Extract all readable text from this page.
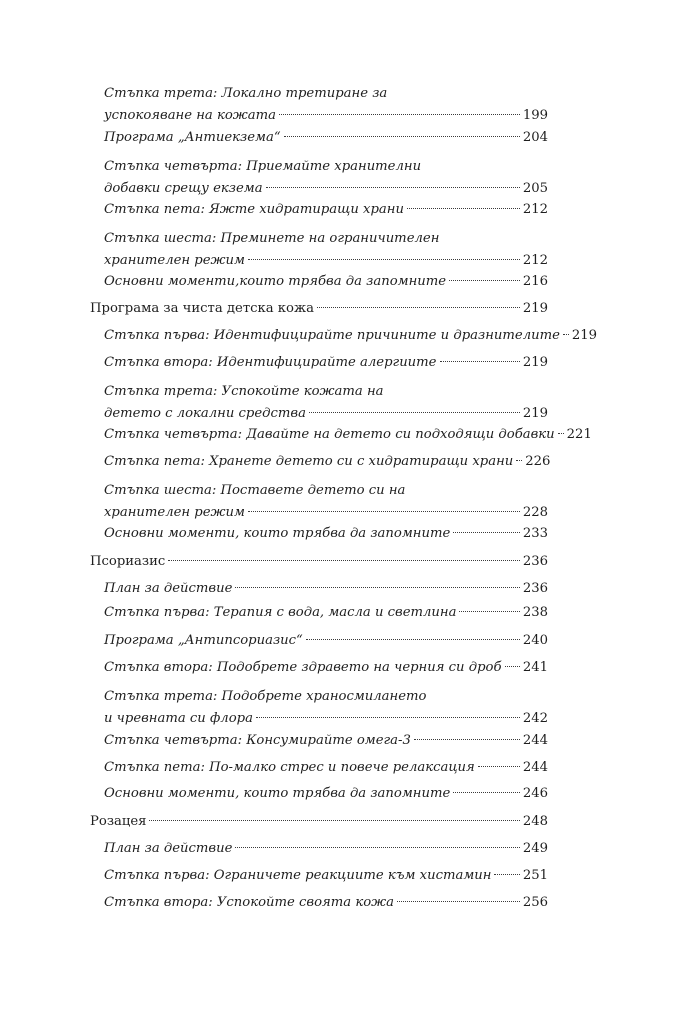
Стъпка трета: Локално третиране за
успокояване на кожата	199
Програма „Антиекзема“	204
Стъпка четвърта: Приемайте хранителни
добавки срещу екзема	205
Стъпка пета: Яжте хидратиращи храни	212
Стъпка шеста: Преминете на ограничителен
хранителен режим	212
Основни моменти,които трябва да запомните	216
Програма за чиста детска кожа	219
Стъпка първа: Идентифицирайте причините и дразнителите 219
Стъпка втора: Идентифицирайте алергиите	219
Стъпка трета: Успокойте кожата на
детето с локални средства	219
Стъпка четвърта: Давайте на детето си подходящи добавки 221
Стъпка пета: Хранете детето си с хидратиращи храни 226
Стъпка шеста: Поставете детето си на
хранителен режим	228
Основни моменти, които трябва да запомните	233
Псориазис	236
План за действие	236
Стъпка първа: Терапия с вода, масла и светлина	238
Програма „Антипсориазис“	240
Стъпка втора: Подобрете здравето на черния си дроб 241
Стъпка трета: Подобрете храносмилането
и чревната си флора	242
Стъпка четвърта: Консумирайте омега-3	244
Стъпка пета: По-малко стрес и повече релаксация	244
Основни моменти, които трябва да запомните	246
Розацея	248
План за действие	249
Стъпка първа: Ограничете реакциите към хистамин 251
Стъпка втора: Успокойте своята кожа	256
